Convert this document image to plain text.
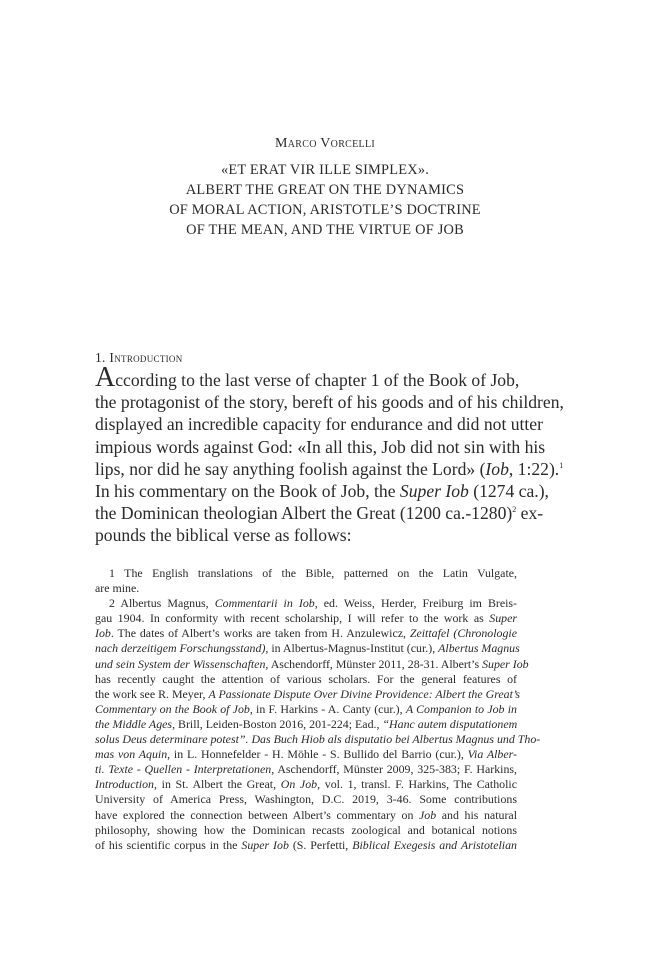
Marco Vorcelli
«ET ERAT VIR ILLE SIMPLEX».
ALBERT THE GREAT ON THE DYNAMICS
OF MORAL ACTION, ARISTOTLE’S DOCTRINE
OF THE MEAN, AND THE VIRTUE OF JOB
1. Introduction
According to the last verse of chapter 1 of the Book of Job,
the protagonist of the story, bereft of his goods and of his children,
displayed an incredible capacity for endurance and did not utter
impious words against God: «In all this, Job did not sin with his
lips, nor did he say anything foolish against the Lord» (Iob, 1:22).$^1$
In his commentary on the Book of Job, the Super Iob (1274 ca.),
the Dominican theologian Albert the Great (1200 ca.-1280)$^2$ ex-
pounds the biblical verse as follows:
1 The English translations of the Bible, patterned on the Latin Vulgate,
are mine.
2 Albertus Magnus, Commentarii in Iob, ed. Weiss, Herder, Freiburg im Breis-
gau 1904. In conformity with recent scholarship, I will refer to the work as Super
Iob. The dates of Albert’s works are taken from H. Anzulewicz, Zeittafel (Chronologie
nach derzeitigem Forschungsstand), in Albertus-Magnus-Institut (cur.), Albertus Magnus
und sein System der Wissenschaften, Aschendorff, Münster 2011, 28-31. Albert’s Super Iob
has recently caught the attention of various scholars. For the general features of
the work see R. Meyer, A Passionate Dispute Over Divine Providence: Albert the Great’s
Commentary on the Book of Job, in F. Harkins - A. Canty (cur.), A Companion to Job in
the Middle Ages, Brill, Leiden-Boston 2016, 201-224; Ead., “Hanc autem disputationem
solus Deus determinare potest”. Das Buch Hiob als disputatio bei Albertus Magnus und Tho-
mas von Aquin, in L. Honnefelder - H. Möhle - S. Bullido del Barrio (cur.), Via Alber-
ti. Texte - Quellen - Interpretationen, Aschendorff, Münster 2009, 325-383; F. Harkins,
Introduction, in St. Albert the Great, On Job, vol. 1, transl. F. Harkins, The Catholic
University of America Press, Washington, D.C. 2019, 3-46. Some contributions
have explored the connection between Albert’s commentary on Job and his natural
philosophy, showing how the Dominican recasts zoological and botanical notions
of his scientific corpus in the Super Iob (S. Perfetti, Biblical Exegesis and Aristotelian
